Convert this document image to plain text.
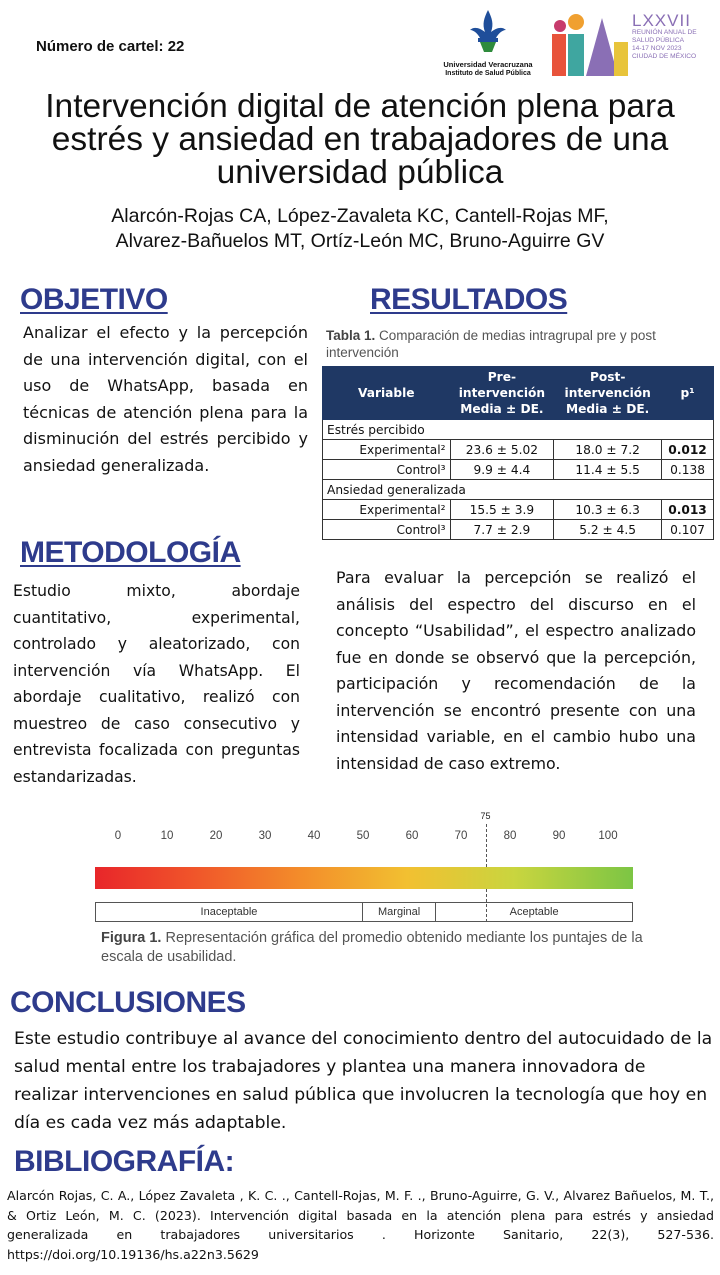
Número de cartel: 22
Universidad Veracruzana
Instituto de Salud Pública
LXXVII
REUNIÓN ANUAL DE
SALUD PÚBLICA
14-17 NOV 2023
CIUDAD DE MÉXICO
Intervención digital de atención plena para estrés y ansiedad en trabajadores de una universidad pública
Alarcón-Rojas CA, López-Zavaleta KC, Cantell-Rojas MF,
Alvarez-Bañuelos MT, Ortíz-León MC, Bruno-Aguirre GV
OBJETIVO
Analizar el efecto y la percepción de una intervención digital, con el uso de WhatsApp, basada en técnicas de atención plena para la disminución del estrés percibido y ansiedad generalizada.
RESULTADOS
Tabla 1. Comparación de medias intragrupal pre y post intervención
Variable	Pre-intervención Media ± DE.	Post-intervención Media ± DE.	p¹
Estrés percibido			
Experimental²	23.6 ± 5.02	18.0 ± 7.2	0.012
Control³	9.9 ± 4.4	11.4 ± 5.5	0.138
Ansiedad generalizada			
Experimental²	15.5 ± 3.9	10.3 ± 6.3	0.013
Control³	7.7 ± 2.9	5.2 ± 4.5	0.107
METODOLOGÍA
Estudio mixto, abordaje cuantitativo, experimental, controlado y aleatorizado, con intervención vía WhatsApp. El abordaje cualitativo, realizó con muestreo de caso consecutivo y entrevista focalizada con preguntas estandarizadas.
Para evaluar la percepción se realizó el análisis del espectro del discurso en el concepto “Usabilidad”, el espectro analizado fue en donde se observó que la percepción, participación y recomendación de la intervención se encontró presente con una intensidad variable, en el cambio hubo una intensidad de caso extremo.
0	10	20	30	40	50	60	70	80	90	100
75
Inaceptable	Marginal	Aceptable
Figura 1. Representación gráfica del promedio obtenido mediante los puntajes de la escala de usabilidad.
CONCLUSIONES
Este estudio contribuye al avance del conocimiento dentro del autocuidado de la salud mental entre los trabajadores y plantea una manera innovadora de realizar intervenciones en salud pública que involucren la tecnología que hoy en día es cada vez más adaptable.
BIBLIOGRAFÍA:
Alarcón Rojas, C. A., López Zavaleta , K. C. ., Cantell-Rojas, M. F. ., Bruno-Aguirre, G. V., Alvarez Bañuelos, M. T., & Ortiz León, M. C. (2023). Intervención digital basada en la atención plena para estrés y ansiedad generalizada en trabajadores universitarios . Horizonte Sanitario, 22(3), 527-536. https://doi.org/10.19136/hs.a22n3.5629
